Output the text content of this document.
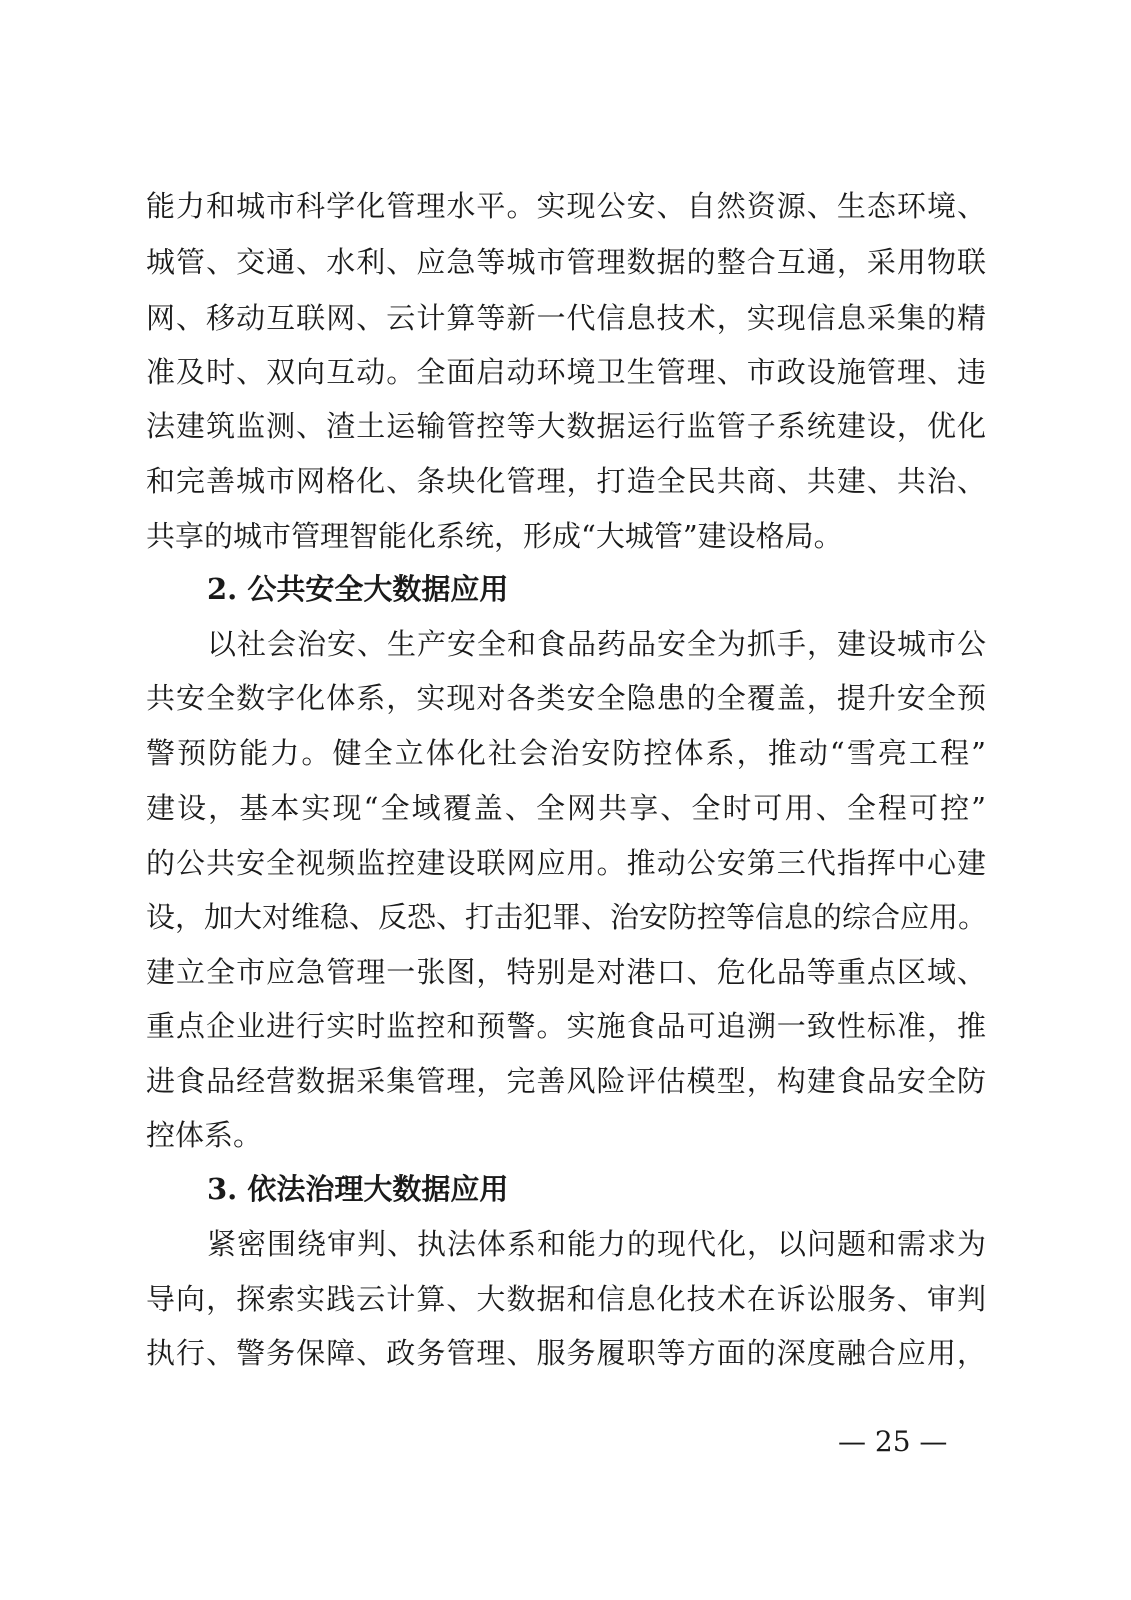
能力和城市科学化管理水平。实现公安、自然资源、生态环境、
城管、交通、水利、应急等城市管理数据的整合互通，采用物联
网、移动互联网、云计算等新一代信息技术，实现信息采集的精
准及时、双向互动。全面启动环境卫生管理、市政设施管理、违
法建筑监测、渣土运输管控等大数据运行监管子系统建设，优化
和完善城市网格化、条块化管理，打造全民共商、共建、共治、
共享的城市管理智能化系统，形成“大城管”建设格局。
2. 公共安全大数据应用
以社会治安、生产安全和食品药品安全为抓手，建设城市公
共安全数字化体系，实现对各类安全隐患的全覆盖，提升安全预
警预防能力。健全立体化社会治安防控体系，推动“雪亮工程”
建设，基本实现“全域覆盖、全网共享、全时可用、全程可控”
的公共安全视频监控建设联网应用。推动公安第三代指挥中心建
设，加大对维稳、反恐、打击犯罪、治安防控等信息的综合应用。
建立全市应急管理一张图，特别是对港口、危化品等重点区域、
重点企业进行实时监控和预警。实施食品可追溯一致性标准，推
进食品经营数据采集管理，完善风险评估模型，构建食品安全防
控体系。
3. 依法治理大数据应用
紧密围绕审判、执法体系和能力的现代化，以问题和需求为
导向，探索实践云计算、大数据和信息化技术在诉讼服务、审判
执行、警务保障、政务管理、服务履职等方面的深度融合应用，
— 25 —
